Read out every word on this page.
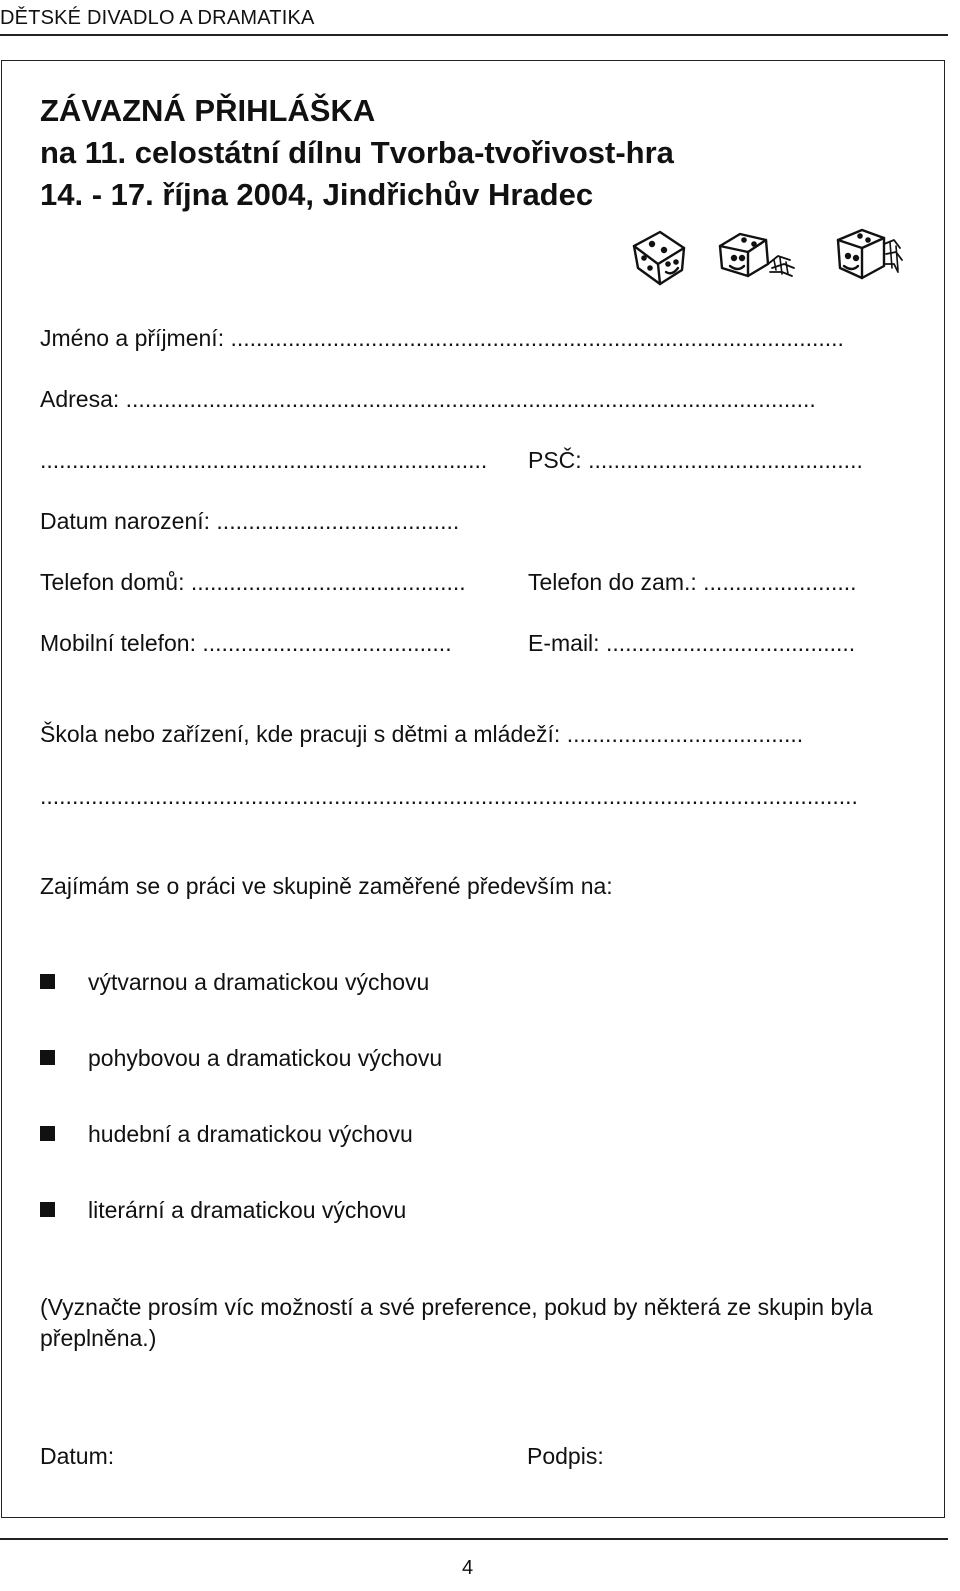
DĚTSKÉ DIVADLO A DRAMATIKA
ZÁVAZNÁ PŘIHLÁŠKA
na 11. celostátní dílnu Tvorba-tvořivost-hra
14. - 17. října 2004, Jindřichův Hradec
Jméno a příjmení: ................................................................................................
Adresa: ............................................................................................................
...................................................................... PSČ: ...........................................
Datum narození: ......................................
Telefon domů: ...........................................	Telefon do zam.: ........................
Mobilní telefon: .......................................	E-mail: .......................................
Škola nebo zařízení, kde pracuji s dětmi a mládeží: .....................................
................................................................................................................................
Zajímám se o práci ve skupině zaměřené především na:
výtvarnou a dramatickou výchovu
pohybovou a dramatickou výchovu
hudební a dramatickou výchovu
literární a dramatickou výchovu
(Vyznačte prosím víc možností a své preference, pokud by některá ze skupin byla přeplněna.)
Datum:	Podpis:
4
